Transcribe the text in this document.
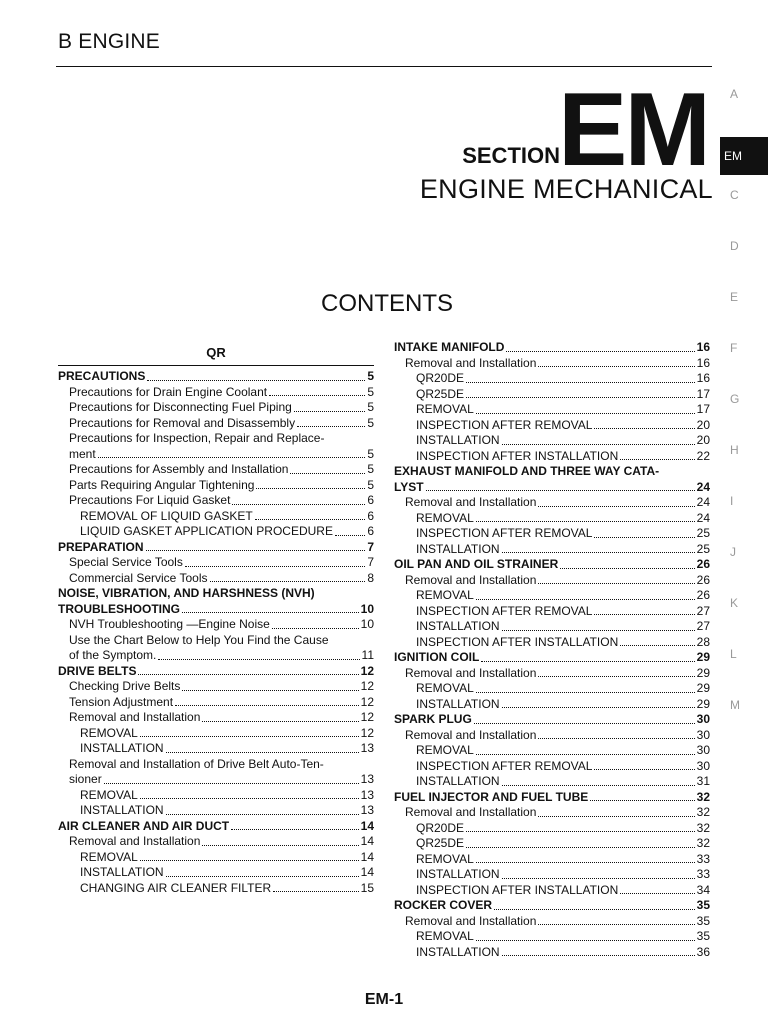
B ENGINE
SECTION
EM
ENGINE MECHANICAL
A
EM
C
D
E
F
G
H
I
J
K
L
M
CONTENTS
QR
PRECAUTIONS	5
Precautions for Drain Engine Coolant	5
Precautions for Disconnecting Fuel Piping	5
Precautions for Removal and Disassembly	5
Precautions for Inspection, Repair and Replace-
ment	5
Precautions for Assembly and Installation	5
Parts Requiring Angular Tightening	5
Precautions For Liquid Gasket	6
REMOVAL OF LIQUID GASKET	6
LIQUID GASKET APPLICATION PROCEDURE	6
PREPARATION	7
Special Service Tools	7
Commercial Service Tools	8
NOISE, VIBRATION, AND HARSHNESS (NVH)
TROUBLESHOOTING	10
NVH Troubleshooting —Engine Noise	10
Use the Chart Below to Help You Find the Cause
of the Symptom.	11
DRIVE BELTS	12
Checking Drive Belts	12
Tension Adjustment	12
Removal and Installation	12
REMOVAL	12
INSTALLATION	13
Removal and Installation of Drive Belt Auto-Ten-
sioner	13
REMOVAL	13
INSTALLATION	13
AIR CLEANER AND AIR DUCT	14
Removal and Installation	14
REMOVAL	14
INSTALLATION	14
CHANGING AIR CLEANER FILTER	15
INTAKE MANIFOLD	16
Removal and Installation	16
QR20DE	16
QR25DE	17
REMOVAL	17
INSPECTION AFTER REMOVAL	20
INSTALLATION	20
INSPECTION AFTER INSTALLATION	22
EXHAUST MANIFOLD AND THREE WAY CATA-
LYST	24
Removal and Installation	24
REMOVAL	24
INSPECTION AFTER REMOVAL	25
INSTALLATION	25
OIL PAN AND OIL STRAINER	26
Removal and Installation	26
REMOVAL	26
INSPECTION AFTER REMOVAL	27
INSTALLATION	27
INSPECTION AFTER INSTALLATION	28
IGNITION COIL	29
Removal and Installation	29
REMOVAL	29
INSTALLATION	29
SPARK PLUG	30
Removal and Installation	30
REMOVAL	30
INSPECTION AFTER REMOVAL	30
INSTALLATION	31
FUEL INJECTOR AND FUEL TUBE	32
Removal and Installation	32
QR20DE	32
QR25DE	32
REMOVAL	33
INSTALLATION	33
INSPECTION AFTER INSTALLATION	34
ROCKER COVER	35
Removal and Installation	35
REMOVAL	35
INSTALLATION	36
EM-1
